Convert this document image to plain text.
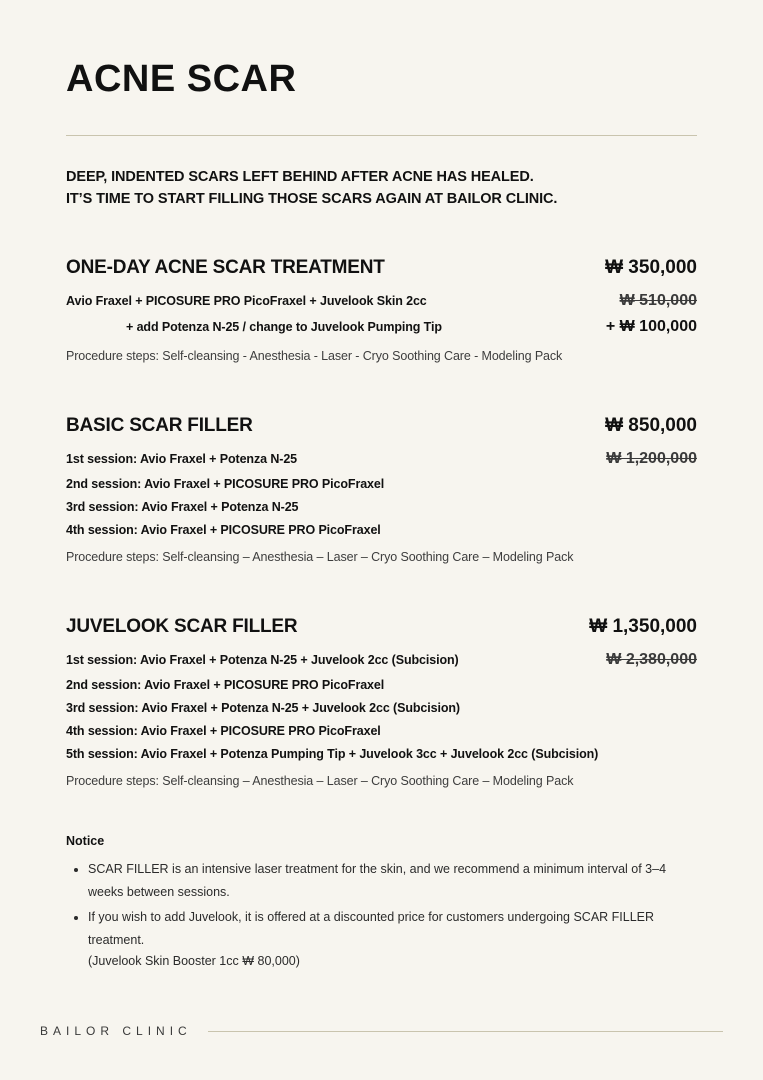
ACNE SCAR
DEEP, INDENTED SCARS LEFT BEHIND AFTER ACNE HAS HEALED.
IT’S TIME TO START FILLING THOSE SCARS AGAIN AT BAILOR CLINIC.
ONE-DAY ACNE SCAR TREATMENT	₩ 350,000
Avio Fraxel + PICOSURE PRO PicoFraxel + Juvelook Skin 2cc	₩ 510,000
+ add Potenza N-25 / change to Juvelook Pumping Tip	+ ₩ 100,000
Procedure steps: Self-cleansing - Anesthesia - Laser - Cryo Soothing Care - Modeling Pack
BASIC SCAR FILLER	₩ 850,000
1st session: Avio Fraxel + Potenza N-25	₩ 1,200,000
2nd session: Avio Fraxel + PICOSURE PRO PicoFraxel
3rd session: Avio Fraxel + Potenza N-25
4th session: Avio Fraxel + PICOSURE PRO PicoFraxel
Procedure steps: Self-cleansing – Anesthesia – Laser – Cryo Soothing Care – Modeling Pack
JUVELOOK SCAR FILLER	₩ 1,350,000
1st session: Avio Fraxel + Potenza N-25 + Juvelook 2cc (Subcision)	₩ 2,380,000
2nd session: Avio Fraxel + PICOSURE PRO PicoFraxel
3rd session: Avio Fraxel + Potenza N-25 + Juvelook 2cc (Subcision)
4th session: Avio Fraxel + PICOSURE PRO PicoFraxel
5th session: Avio Fraxel + Potenza Pumping Tip + Juvelook 3cc + Juvelook 2cc (Subcision)
Procedure steps: Self-cleansing – Anesthesia – Laser – Cryo Soothing Care – Modeling Pack
Notice
• SCAR FILLER is an intensive laser treatment for the skin, and we recommend a minimum interval of 3–4 weeks between sessions.
• If you wish to add Juvelook, it is offered at a discounted price for customers undergoing SCAR FILLER treatment.
(Juvelook Skin Booster 1cc ₩ 80,000)
BAILOR CLINIC
